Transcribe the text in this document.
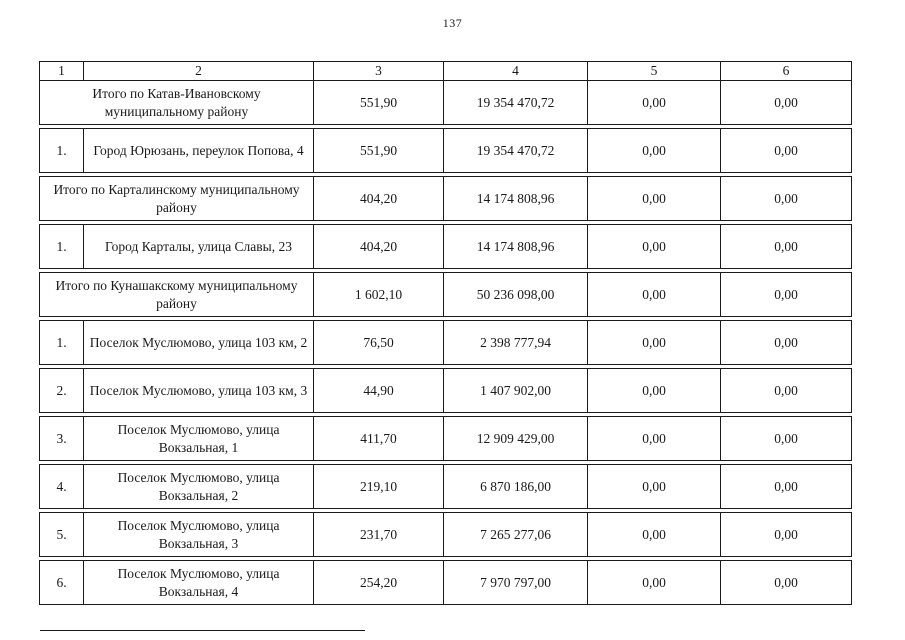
137
1	2	3	4	5	6
Итого по Катав-Ивановскому муниципальному району		551,90	19 354 470,72	0,00	0,00

1.	Город Юрюзань, переулок Попова, 4	551,90	19 354 470,72	0,00	0,00

Итого по Карталинскому муниципальному району		404,20	14 174 808,96	0,00	0,00

1.	Город Карталы, улица Славы, 23	404,20	14 174 808,96	0,00	0,00

Итого по Кунашакскому муниципальному району		1 602,10	50 236 098,00	0,00	0,00

1.	Поселок Муслюмово, улица 103 км, 2	76,50	2 398 777,94	0,00	0,00

2.	Поселок Муслюмово, улица 103 км, 3	44,90	1 407 902,00	0,00	0,00

3.	Поселок Муслюмово, улица Вокзальная, 1	411,70	12 909 429,00	0,00	0,00

4.	Поселок Муслюмово, улица Вокзальная, 2	219,10	6 870 186,00	0,00	0,00

5.	Поселок Муслюмово, улица Вокзальная, 3	231,70	7 265 277,06	0,00	0,00

6.	Поселок Муслюмово, улица Вокзальная, 4	254,20	7 970 797,00	0,00	0,00
